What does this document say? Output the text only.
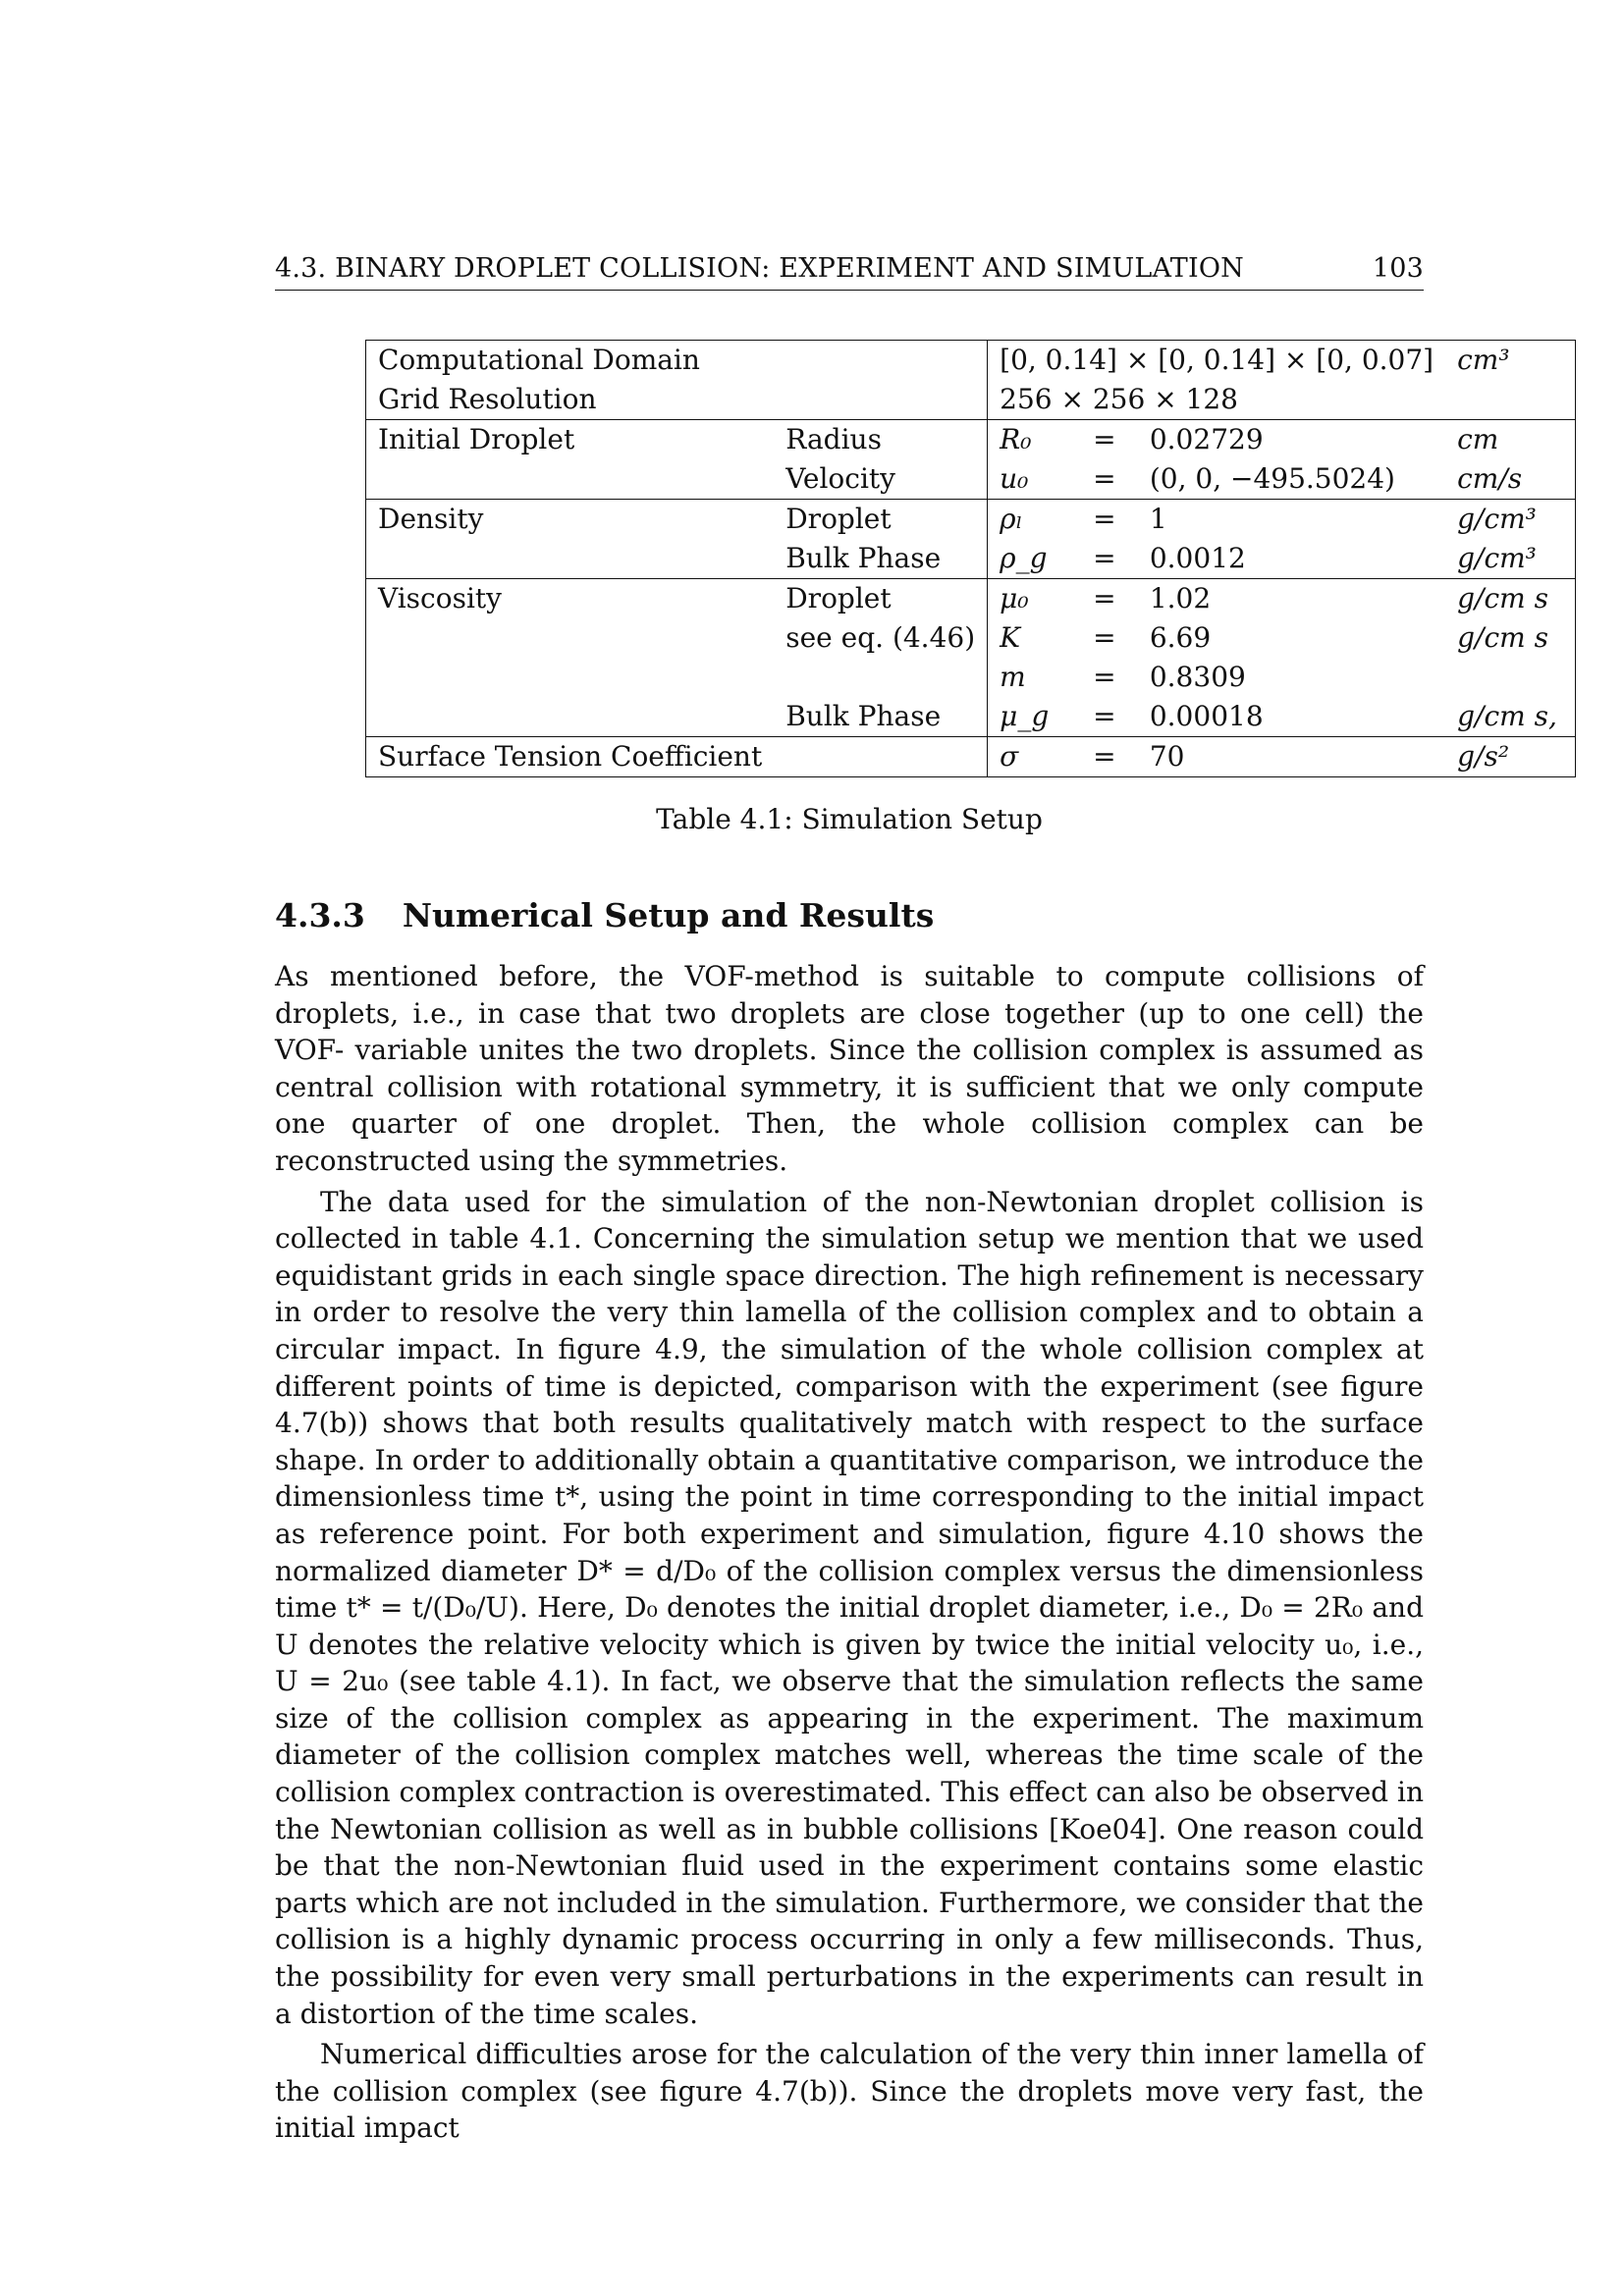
4.3. BINARY DROPLET COLLISION: EXPERIMENT AND SIMULATION	103
Computational Domain		[0, 0.14] × [0, 0.14] × [0, 0.07]			cm³
Grid Resolution		256 × 256 × 128			
Initial Droplet	Radius	R₀	=	0.02729	cm
	Velocity	u₀	=	(0, 0, −495.5024)	cm/s
Density	Droplet	ρₗ	=	1	g/cm³
	Bulk Phase	ρ_g	=	0.0012	g/cm³
Viscosity	Droplet	μ₀	=	1.02	g/cm s
	see eq. (4.46)	K	=	6.69	g/cm s
		m	=	0.8309	
	Bulk Phase	μ_g	=	0.00018	g/cm s,
Surface Tension Coefficient		σ	=	70	g/s²
Table 4.1: Simulation Setup
4.3.3 Numerical Setup and Results

As mentioned before, the VOF-method is suitable to compute collisions of droplets, i.e., in case that two droplets are close together (up to one cell) the VOF- variable unites the two droplets. Since the collision complex is assumed as central collision with rotational symmetry, it is sufficient that we only compute one quarter of one droplet. Then, the whole collision complex can be reconstructed using the symmetries.

The data used for the simulation of the non-Newtonian droplet collision is collected in table 4.1. Concerning the simulation setup we mention that we used equidistant grids in each single space direction. The high refinement is necessary in order to resolve the very thin lamella of the collision complex and to obtain a circular impact. In figure 4.9, the simulation of the whole collision complex at different points of time is depicted, comparison with the experiment (see figure 4.7(b)) shows that both results qualitatively match with respect to the surface shape. In order to additionally obtain a quantitative comparison, we introduce the dimensionless time t*, using the point in time corresponding to the initial impact as reference point. For both experiment and simulation, figure 4.10 shows the normalized diameter D* = d/D₀ of the collision complex versus the dimensionless time t* = t/(D₀/U). Here, D₀ denotes the initial droplet diameter, i.e., D₀ = 2R₀ and U denotes the relative velocity which is given by twice the initial velocity u₀, i.e., U = 2u₀ (see table 4.1). In fact, we observe that the simulation reflects the same size of the collision complex as appearing in the experiment. The maximum diameter of the collision complex matches well, whereas the time scale of the collision complex contraction is overestimated. This effect can also be observed in the Newtonian collision as well as in bubble collisions [Koe04]. One reason could be that the non-Newtonian fluid used in the experiment contains some elastic parts which are not included in the simulation. Furthermore, we consider that the collision is a highly dynamic process occurring in only a few milliseconds. Thus, the possibility for even very small perturbations in the experiments can result in a distortion of the time scales.

Numerical difficulties arose for the calculation of the very thin inner lamella of the collision complex (see figure 4.7(b)). Since the droplets move very fast, the initial impact
